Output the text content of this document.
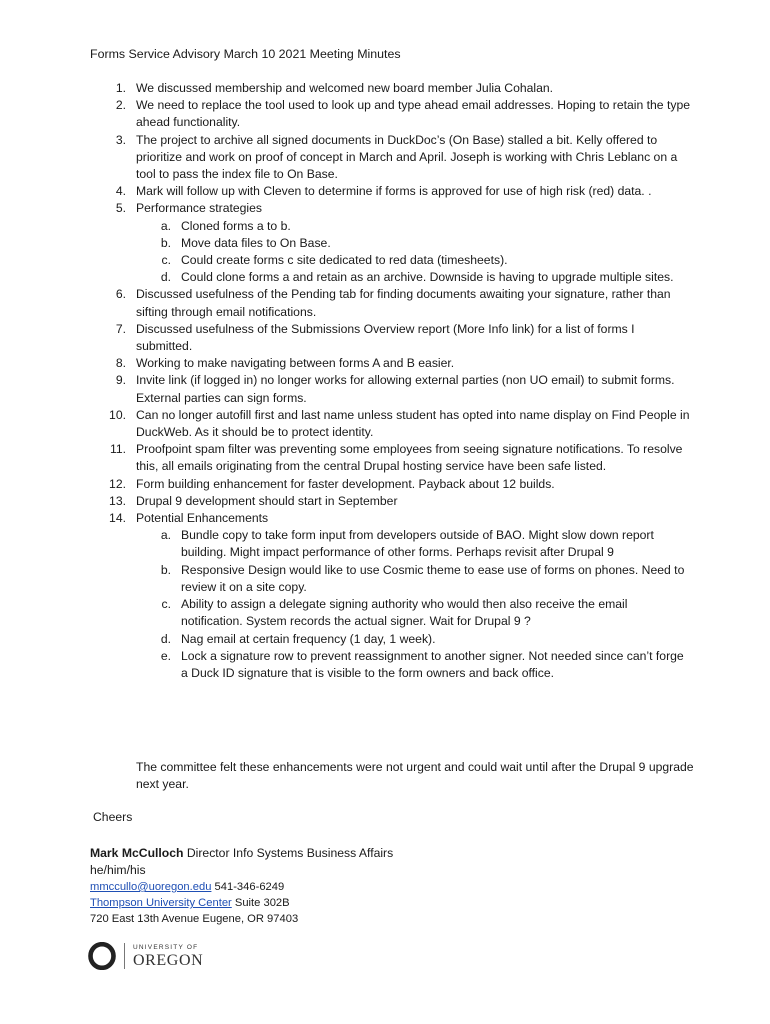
Forms Service Advisory March 10 2021 Meeting Minutes
1. We discussed membership and welcomed new board member Julia Cohalan.
2. We need to replace the tool used to look up and type ahead email addresses. Hoping to retain the type ahead functionality.
3. The project to archive all signed documents in DuckDoc’s (On Base) stalled a bit. Kelly offered to prioritize and work on proof of concept in March and April. Joseph is working with Chris Leblanc on a tool to pass the index file to On Base.
4. Mark will follow up with Cleven to determine if forms is approved for use of high risk (red) data. .
5. Performance strategies
a. Cloned forms a to b.
b. Move data files to On Base.
c. Could create forms c site dedicated to red data (timesheets).
d. Could clone forms a and retain as an archive. Downside is having to upgrade multiple sites.
6. Discussed usefulness of the Pending tab for finding documents awaiting your signature, rather than sifting through email notifications.
7. Discussed usefulness of the Submissions Overview report (More Info link) for a list of forms I submitted.
8. Working to make navigating between forms A and B easier.
9. Invite link (if logged in) no longer works for allowing external parties (non UO email) to submit forms. External parties can sign forms.
10. Can no longer autofill first and last name unless student has opted into name display on Find People in DuckWeb. As it should be to protect identity.
11. Proofpoint spam filter was preventing some employees from seeing signature notifications. To resolve this, all emails originating from the central Drupal hosting service have been safe listed.
12. Form building enhancement for faster development. Payback about 12 builds.
13. Drupal 9 development should start in September
14. Potential Enhancements
a. Bundle copy to take form input from developers outside of BAO. Might slow down report building. Might impact performance of other forms. Perhaps revisit after Drupal 9
b. Responsive Design would like to use Cosmic theme to ease use of forms on phones. Need to review it on a site copy.
c. Ability to assign a delegate signing authority who would then also receive the email notification. System records the actual signer. Wait for Drupal 9 ?
d. Nag email at certain frequency (1 day, 1 week).
e. Lock a signature row to prevent reassignment to another signer. Not needed since can’t forge a Duck ID signature that is visible to the form owners and back office.
The committee felt these enhancements were not urgent and could wait until after the Drupal 9 upgrade next year.
Cheers
Mark McCulloch Director Info Systems Business Affairs
he/him/his
mmccullo@uoregon.edu 541-346-6249
Thompson University Center Suite 302B
720 East 13th Avenue Eugene, OR 97403
UNIVERSITY OF
OREGON
